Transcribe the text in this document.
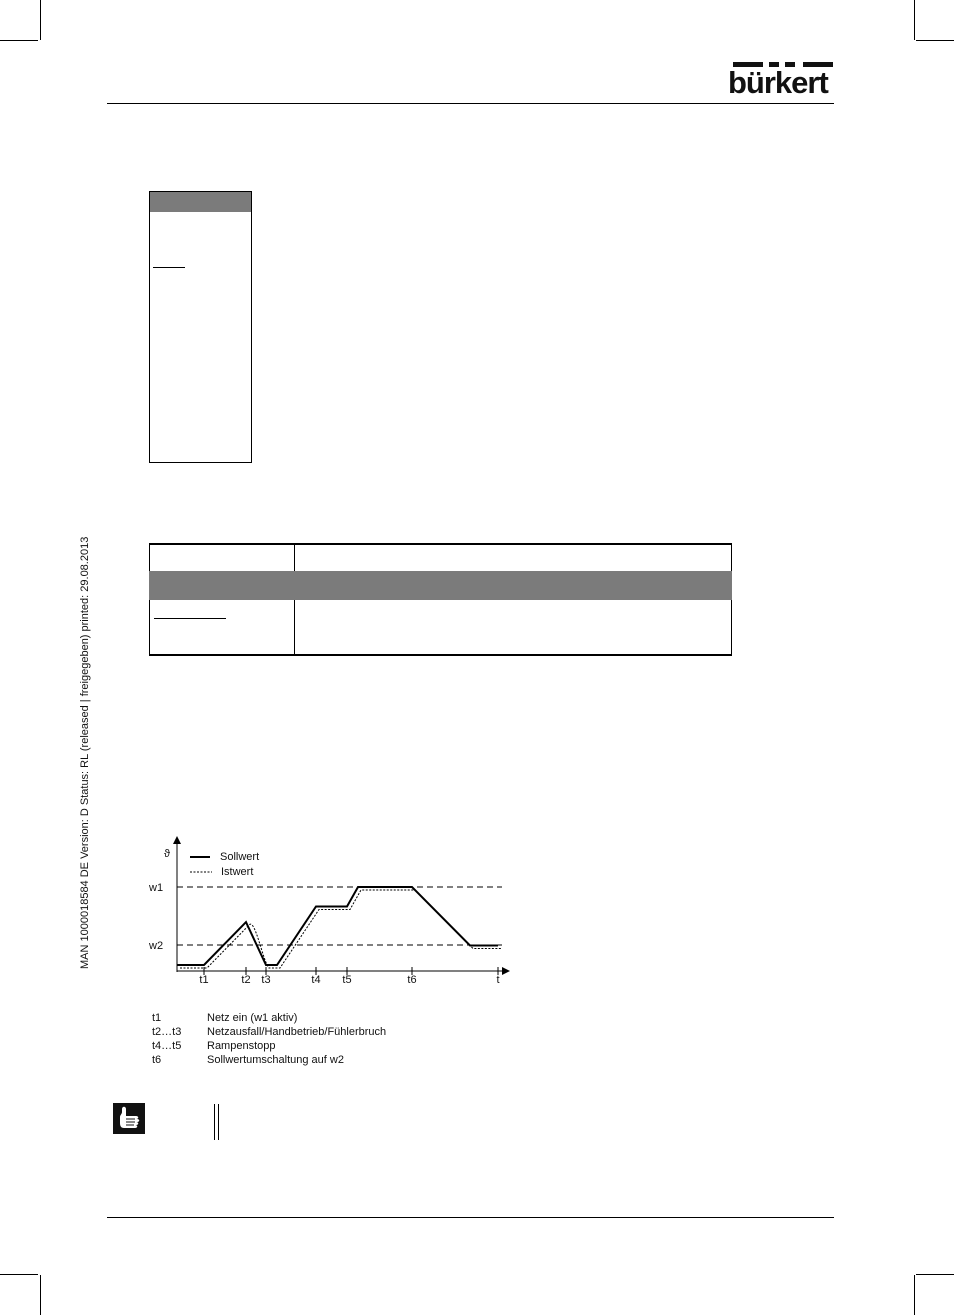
bürkert
MAN 1000018584 DE Version: D Status: RL (released | freigegeben) printed: 29.08.2013	ϑ
w1
w2
t1	t2 t3	t4 t5	t6	t
Sollwert
Istwert
t1	Netz ein (w1 aktiv)
t2…t3 Netzausfall/Handbetrieb/Fühlerbruch
t4…t5 Rampenstopp
t6	Sollwertumschaltung auf w2
